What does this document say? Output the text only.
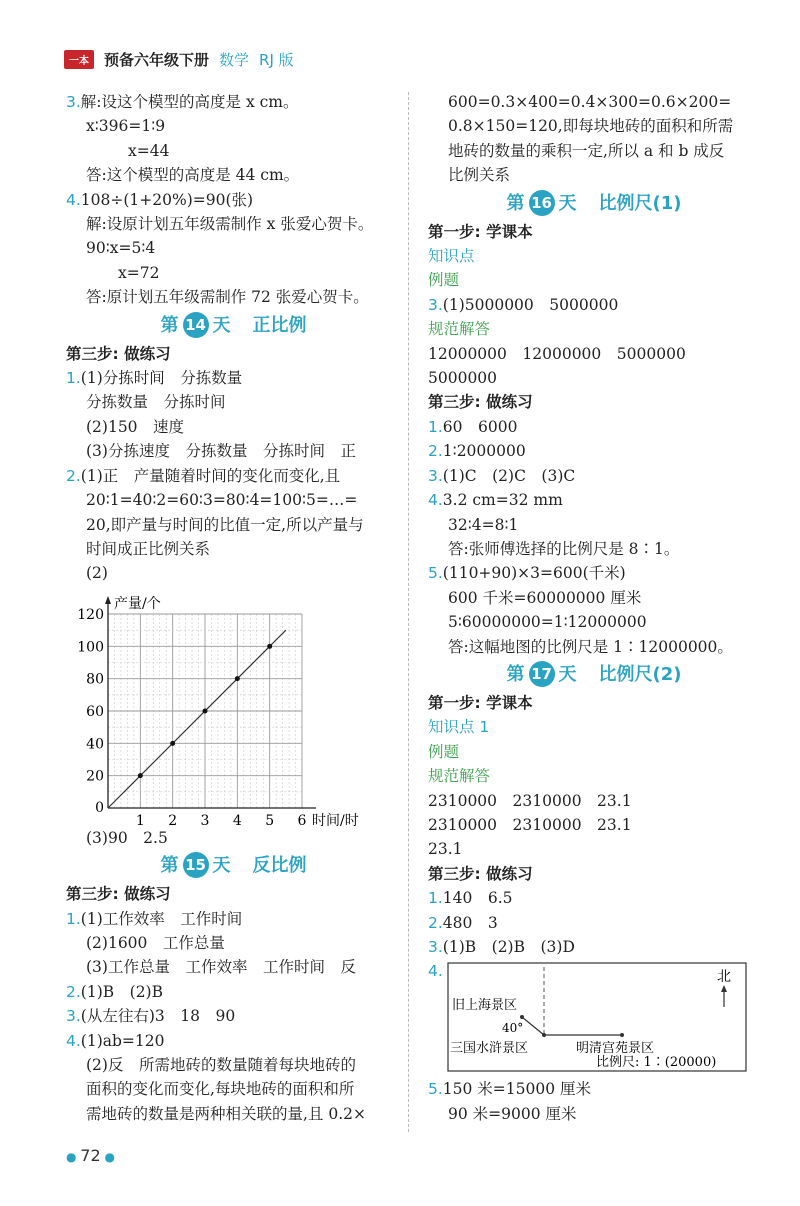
一本	预备六年级下册 数学 RJ 版
3.解:设这个模型的高度是 x cm。
x∶396=1∶9
x=44
答:这个模型的高度是 44 cm。
4.108÷(1+20%)=90(张)
解:设原计划五年级需制作 x 张爱心贺卡。
90∶x=5∶4
x=72
答:原计划五年级需制作 72 张爱心贺卡。
第 14 天 正比例
第三步: 做练习
1.(1)分拣时间　分拣数量
分拣数量　分拣时间
(2)150　速度
(3)分拣速度　分拣数量　分拣时间　正
2.(1)正　产量随着时间的变化而变化,且
20∶1=40∶2=60∶3=80∶4=100∶5=…=
20,即产量与时间的比值一定,所以产量与
时间成正比例关系
(2)
产量/个
时间/时
20
40
60
80
100
120
0
1 2 3 4 5 6
(3)90　2.5
第 15 天 反比例
第三步: 做练习
1.(1)工作效率　工作时间
(2)1600　工作总量
(3)工作总量　工作效率　工作时间　反
2.(1)B　(2)B
3.(从左往右)3　18　90
4.(1)ab=120
(2)反　所需地砖的数量随着每块地砖的
面积的变化而变化,每块地砖的面积和所
需地砖的数量是两种相关联的量,且 0.2×
600=0.3×400=0.4×300=0.6×200=
0.8×150=120,即每块地砖的面积和所需
地砖的数量的乘积一定,所以 a 和 b 成反
比例关系
第 16 天 比例尺(1)
第一步: 学课本
知识点
例题
3.(1)5000000　5000000
规范解答
12000000　12000000　5000000
5000000
第三步: 做练习
1.60　6000
2.1∶2000000
3.(1)C　(2)C　(3)C
4.3.2 cm=32 mm
32∶4=8∶1
答:张师傅选择的比例尺是 8∶1。
5.(110+90)×3=600(千米)
600 千米=60000000 厘米
5∶60000000=1∶12000000
答:这幅地图的比例尺是 1∶12000000。
第 17 天 比例尺(2)
第一步: 学课本
知识点 1
例题
规范解答
2310000　2310000　23.1
2310000　2310000　23.1
23.1
第三步: 做练习
1.140　6.5
2.480　3
3.(1)B　(2)B　(3)D
4.	北
旧上海景区
40°
三国水浒景区	明清宫苑景区
比例尺: 1∶(20000)
5.150 米=15000 厘米
90 米=9000 厘米
● 72 ●
